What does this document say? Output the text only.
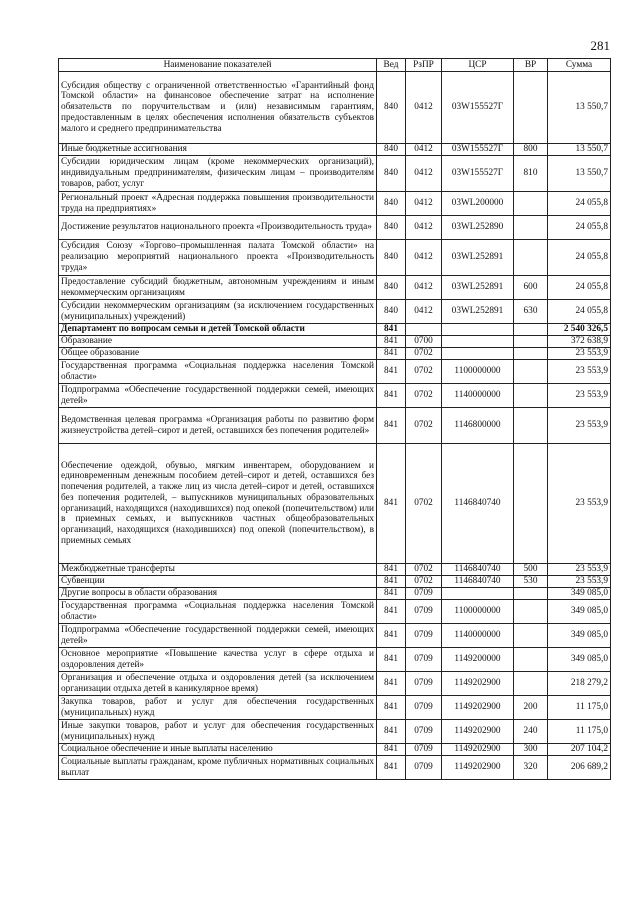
281
Наименование показателей	Вед	РзПР	ЦСР	ВР	Сумма
Субсидия обществу с ограниченной ответственностью «Гарантийный фонд Томской области» на финансовое обеспечение затрат на исполнение обязательств по поручительствам и (или) независимым гарантиям, предоставленным в целях обеспечения исполнения обязательств субъектов малого и среднего предпринимательства	840	0412	03W155527Г		13 550,7
Иные бюджетные ассигнования	840	0412	03W155527Г	800	13 550,7
Субсидии юридическим лицам (кроме некоммерческих организаций), индивидуальным предпринимателям, физическим лицам – производителям товаров, работ, услуг	840	0412	03W155527Г	810	13 550,7
Региональный проект «Адресная поддержка повышения производительности труда на предприятиях»	840	0412	03WL200000		24 055,8
Достижение результатов национального проекта «Производительность труда»	840	0412	03WL252890		24 055,8
Субсидия Союзу «Торгово–промышленная палата Томской области» на реализацию мероприятий национального проекта «Производительность труда»	840	0412	03WL252891		24 055,8
Предоставление субсидий бюджетным, автономным учреждениям и иным некоммерческим организациям	840	0412	03WL252891	600	24 055,8
Субсидии некоммерческим организациям (за исключением государственных (муниципальных) учреждений)	840	0412	03WL252891	630	24 055,8
Департамент по вопросам семьи и детей Томской области	841				2 540 326,5
Образование	841	0700			372 638,9
Общее образование	841	0702			23 553,9
Государственная программа «Социальная поддержка населения Томской области»	841	0702	1100000000		23 553,9
Подпрограмма «Обеспечение государственной поддержки семей, имеющих детей»	841	0702	1140000000		23 553,9
Ведомственная целевая программа «Организация работы по развитию форм жизнеустройства детей–сирот и детей, оставшихся без попечения родителей»	841	0702	1146800000		23 553,9
Обеспечение одеждой, обувью, мягким инвентарем, оборудованием и единовременным денежным пособием детей–сирот и детей, оставшихся без попечения родителей, а также лиц из числа детей–сирот и детей, оставшихся без попечения родителей, – выпускников муниципальных образовательных организаций, находящихся (находившихся) под опекой (попечительством) или в приемных семьях, и выпускников частных общеобразовательных организаций, находящихся (находившихся) под опекой (попечительством), в приемных семьях	841	0702	1146840740		23 553,9
Межбюджетные трансферты	841	0702	1146840740	500	23 553,9
Субвенции	841	0702	1146840740	530	23 553,9
Другие вопросы в области образования	841	0709			349 085,0
Государственная программа «Социальная поддержка населения Томской области»	841	0709	1100000000		349 085,0
Подпрограмма «Обеспечение государственной поддержки семей, имеющих детей»	841	0709	1140000000		349 085,0
Основное мероприятие «Повышение качества услуг в сфере отдыха и оздоровления детей»	841	0709	1149200000		349 085,0
Организация и обеспечение отдыха и оздоровления детей (за исключением организации отдыха детей в каникулярное время)	841	0709	1149202900		218 279,2
Закупка товаров, работ и услуг для обеспечения государственных (муниципальных) нужд	841	0709	1149202900	200	11 175,0
Иные закупки товаров, работ и услуг для обеспечения государственных (муниципальных) нужд	841	0709	1149202900	240	11 175,0
Социальное обеспечение и иные выплаты населению	841	0709	1149202900	300	207 104,2
Социальные выплаты гражданам, кроме публичных нормативных социальных выплат	841	0709	1149202900	320	206 689,2
